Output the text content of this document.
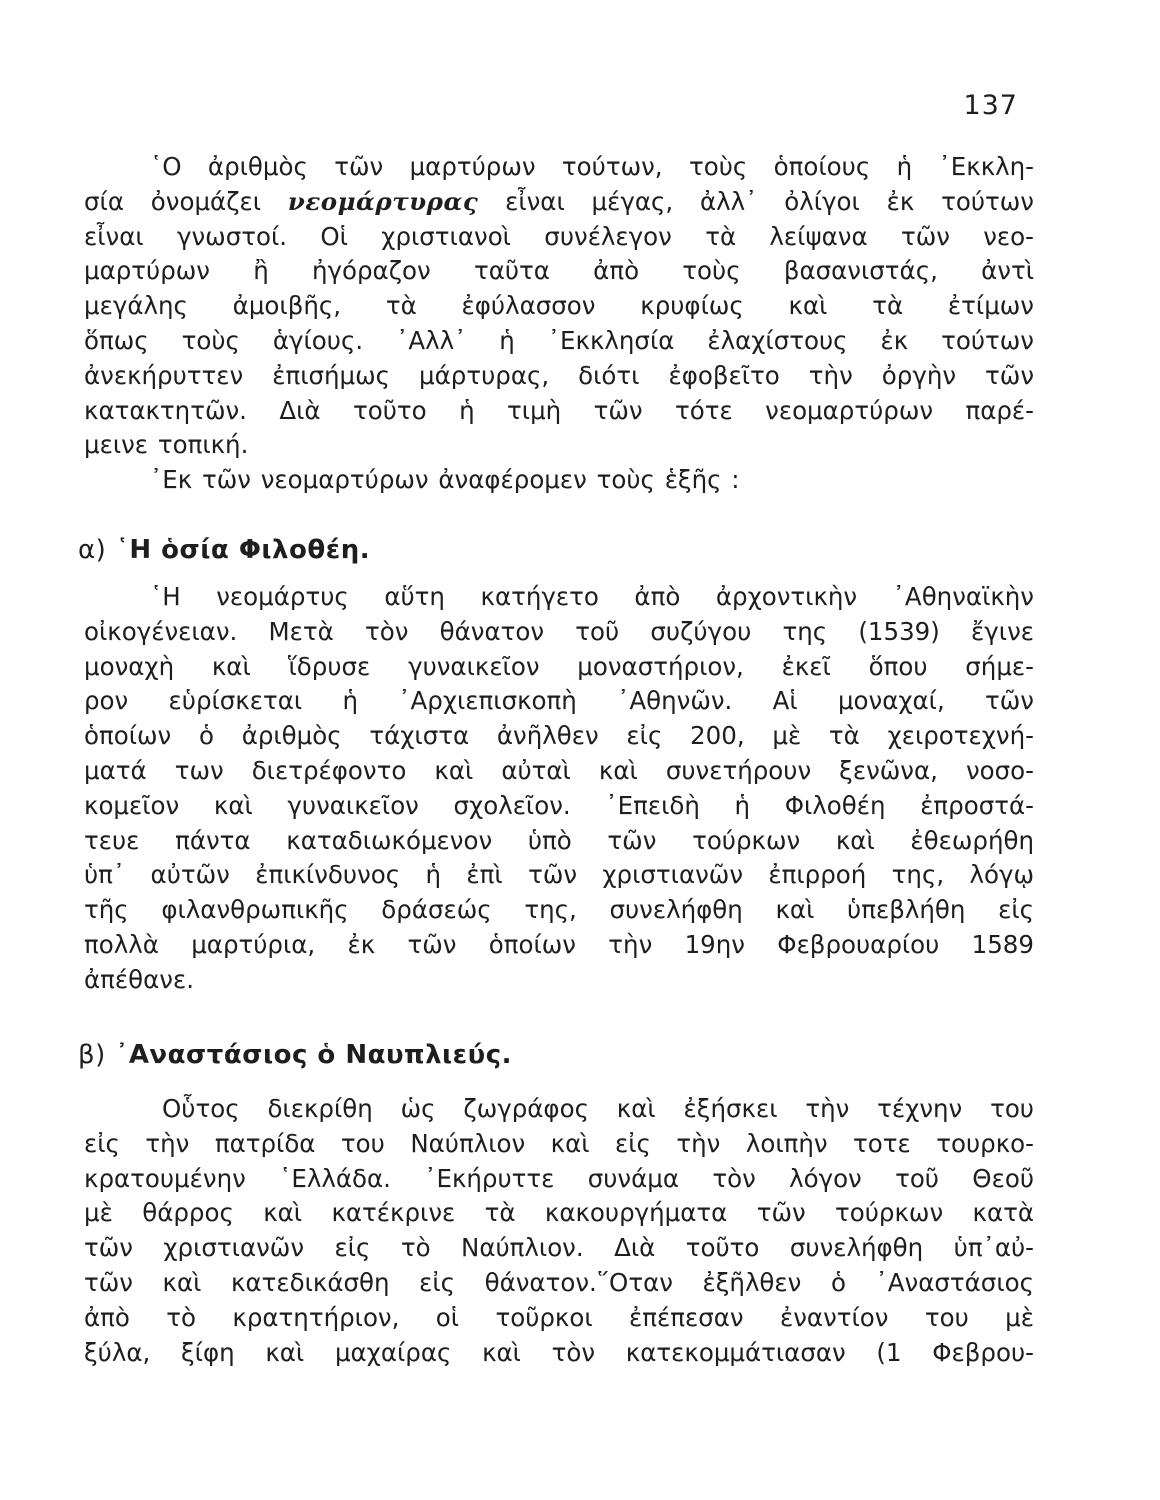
137
῾Ο ἀριθμὸς τῶν μαρτύρων τούτων, τοὺς ὁποίους ἡ ᾿Εκκλη-
σία ὀνομάζει νεομάρτυρας εἶναι μέγας, ἀλλ᾿ ὀλίγοι ἐκ τούτων
εἶναι γνωστοί. Οἱ χριστιανοὶ συνέλεγον τὰ λείψανα τῶν νεο-
μαρτύρων ἢ ἠγόραζον ταῦτα ἀπὸ τοὺς βασανιστάς, ἀντὶ
μεγάλης ἀμοιβῆς, τὰ ἐφύλασσον κρυφίως καὶ τὰ ἐτίμων
ὅπως τοὺς ἁγίους. ᾿Αλλ᾿ ἡ ᾿Εκκλησία ἐλαχίστους ἐκ τούτων
ἀνεκήρυττεν ἐπισήμως μάρτυρας, διότι ἐφοβεῖτο τὴν ὀργὴν τῶν
κατακτητῶν. Διὰ τοῦτο ἡ τιμὴ τῶν τότε νεομαρτύρων παρέ-
μεινε τοπική.
᾿Εκ τῶν νεομαρτύρων ἀναφέρομεν τοὺς ἑξῆς :
α) ῾Η ὁσία Φιλοθέη.
῾Η νεομάρτυς αὕτη κατήγετο ἀπὸ ἀρχοντικὴν ᾿Αθηναϊκὴν
οἰκογένειαν. Μετὰ τὸν θάνατον τοῦ συζύγου της (1539) ἔγινε
μοναχὴ καὶ ἵδρυσε γυναικεῖον μοναστήριον, ἐκεῖ ὅπου σήμε-
ρον εὑρίσκεται ἡ ᾿Αρχιεπισκοπὴ ᾿Αθηνῶν. Αἱ μοναχαί, τῶν
ὁποίων ὁ ἀριθμὸς τάχιστα ἀνῆλθεν εἰς 200, μὲ τὰ χειροτεχνή-
ματά των διετρέφοντο καὶ αὐταὶ καὶ συνετήρουν ξενῶνα, νοσο-
κομεῖον καὶ γυναικεῖον σχολεῖον. ᾿Επειδὴ ἡ Φιλοθέη ἐπροστά-
τευε πάντα καταδιωκόμενον ὑπὸ τῶν τούρκων καὶ ἐθεωρήθη
ὑπ᾿ αὐτῶν ἐπικίνδυνος ἡ ἐπὶ τῶν χριστιανῶν ἐπιρροή της, λόγῳ
τῆς φιλανθρωπικῆς δράσεώς της, συνελήφθη καὶ ὑπεβλήθη εἰς
πολλὰ μαρτύρια, ἐκ τῶν ὁποίων τὴν 19ην Φεβρουαρίου 1589
ἀπέθανε.
β) ᾿Αναστάσιος ὁ Ναυπλιεύς.
Οὗτος διεκρίθη ὡς ζωγράφος καὶ ἐξήσκει τὴν τέχνην του
εἰς τὴν πατρίδα του Ναύπλιον καὶ εἰς τὴν λοιπὴν τοτε τουρκο-
κρατουμένην ῾Ελλάδα. ᾿Εκήρυττε συνάμα τὸν λόγον τοῦ Θεοῦ
μὲ θάρρος καὶ κατέκρινε τὰ κακουργήματα τῶν τούρκων κατὰ
τῶν χριστιανῶν εἰς τὸ Ναύπλιον. Διὰ τοῦτο συνελήφθη ὑπ᾿αὐ-
τῶν καὶ κατεδικάσθη εἰς θάνατον.῞Οταν ἐξῆλθεν ὁ ᾿Αναστάσιος
ἀπὸ τὸ κρατητήριον, οἱ τοῦρκοι ἐπέπεσαν ἐναντίον του μὲ
ξύλα, ξίφη καὶ μαχαίρας καὶ τὸν κατεκομμάτιασαν (1 Φεβρου-
